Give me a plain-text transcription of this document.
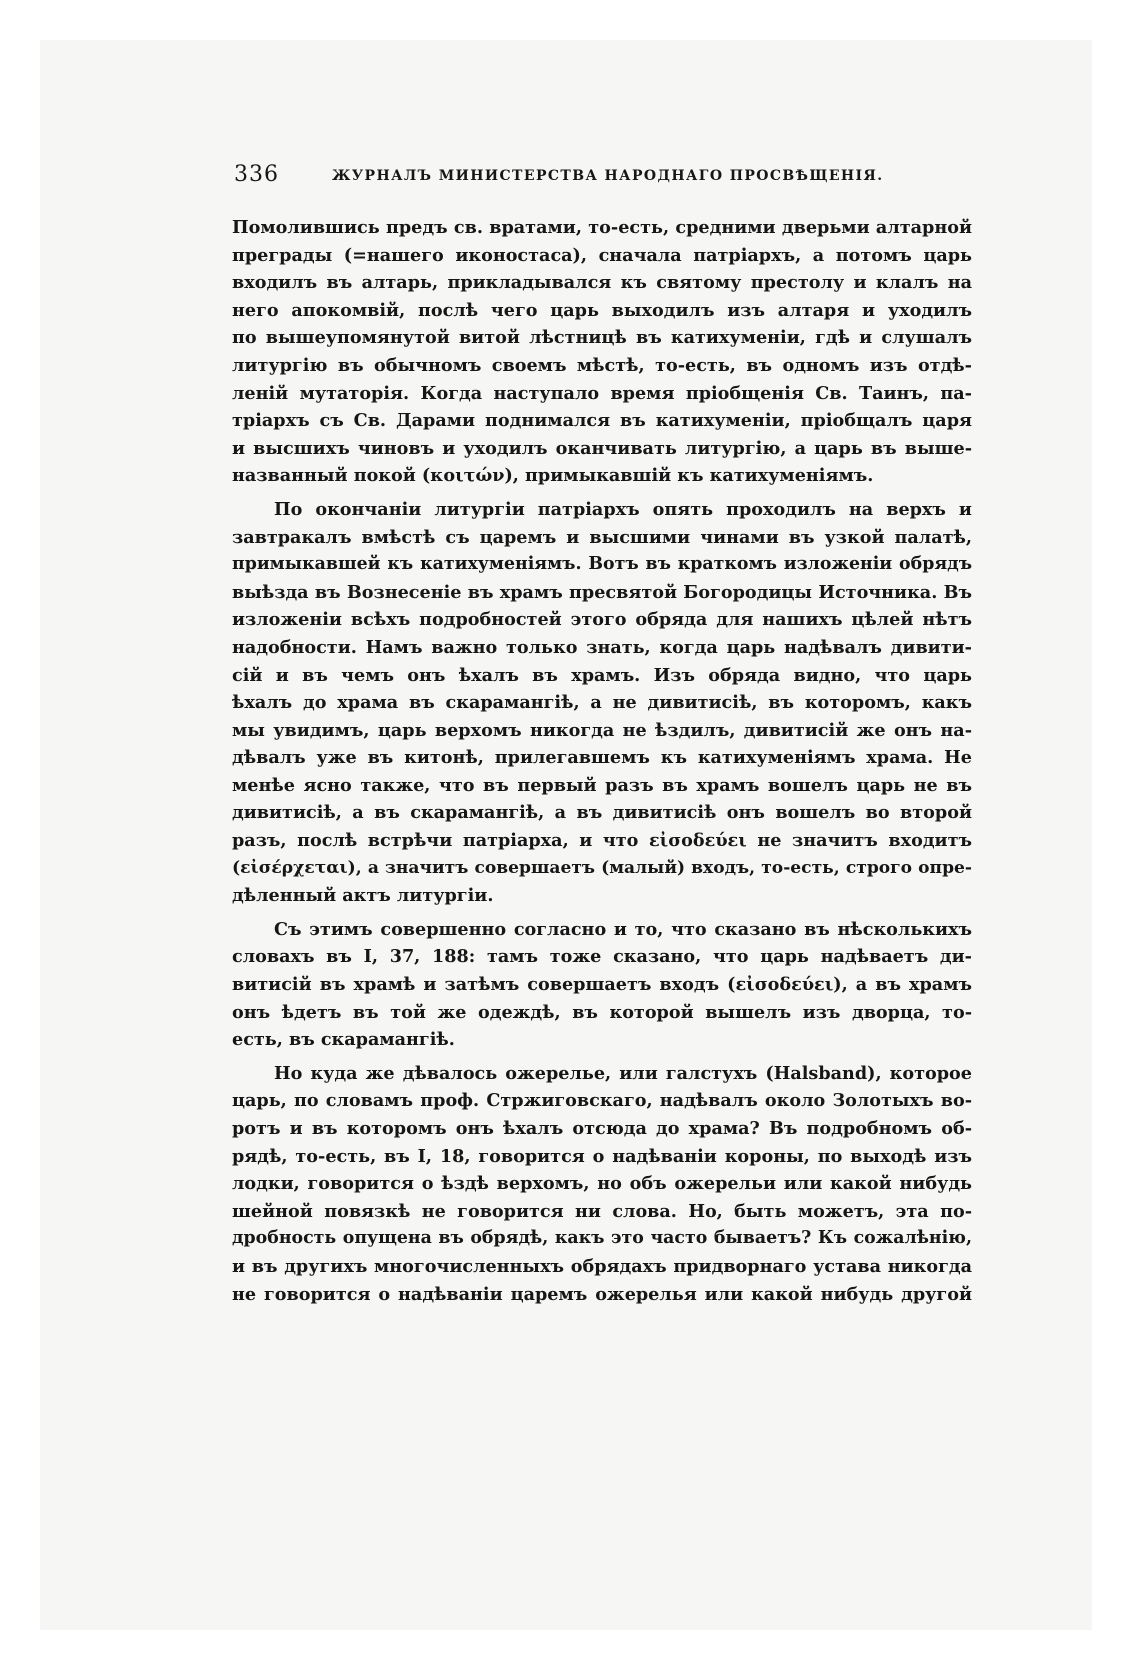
336	ЖУРНАЛЪ МИНИСТЕРСТВА НАРОДНАГО ПРОСВѢЩЕНІЯ.
Помолившись предъ св. вратами, то-есть, средними дверьми алтарной
преграды (=нашего иконостаса), сначала патріархъ, а потомъ царь
входилъ въ алтарь, прикладывался къ святому престолу и клалъ на
него апокомвій, послѣ чего царь выходилъ изъ алтаря и уходилъ
по вышеупомянутой витой лѣстницѣ въ катихуменіи, гдѣ и слушалъ
литургію въ обычномъ своемъ мѣстѣ, то-есть, въ одномъ изъ отдѣ-
леній мутаторія. Когда наступало время пріобщенія Св. Таинъ, па-
тріархъ съ Св. Дарами поднимался въ катихуменіи, пріобщалъ царя
и высшихъ чиновъ и уходилъ оканчивать литургію, а царь въ выше-
названный покой (κοιτών), примыкавшій къ катихуменіямъ.
По окончаніи литургіи патріархъ опять проходилъ на верхъ и
завтракалъ вмѣстѣ съ царемъ и высшими чинами въ узкой палатѣ,
примыкавшей къ катихуменіямъ. Вотъ въ краткомъ изложеніи обрядъ
выѣзда въ Вознесеніе въ храмъ пресвятой Богородицы Источника. Въ
изложеніи всѣхъ подробностей этого обряда для нашихъ цѣлей нѣтъ
надобности. Намъ важно только знать, когда царь надѣвалъ дивити-
сій и въ чемъ онъ ѣхалъ въ храмъ. Изъ обряда видно, что царь
ѣхалъ до храма въ скарамангіѣ, а не дивитисіѣ, въ которомъ, какъ
мы увидимъ, царь верхомъ никогда не ѣздилъ, дивитисій же онъ на-
дѣвалъ уже въ китонѣ, прилегавшемъ къ катихуменіямъ храма. Не
менѣе ясно также, что въ первый разъ въ храмъ вошелъ царь не въ
дивитисіѣ, а въ скарамангіѣ, а въ дивитисіѣ онъ вошелъ во второй
разъ, послѣ встрѣчи патріарха, и что εἰσοδεύει не значитъ входитъ
(εἰσέρχεται), а значитъ совершаетъ (малый) входъ, то-есть, строго опре-
дѣленный актъ литургіи.
Съ этимъ совершенно согласно и то, что сказано въ нѣсколькихъ
словахъ въ I, 37, 188: тамъ тоже сказано, что царь надѣваетъ ди-
витисій въ храмѣ и затѣмъ совершаетъ входъ (εἰσοδεύει), а въ храмъ
онъ ѣдетъ въ той же одеждѣ, въ которой вышелъ изъ дворца, то-
есть, въ скарамангіѣ.
Но куда же дѣвалось ожерелье, или галстухъ (Halsband), которое
царь, по словамъ проф. Стржиговскаго, надѣвалъ около Золотыхъ во-
ротъ и въ которомъ онъ ѣхалъ отсюда до храма? Въ подробномъ об-
рядѣ, то-есть, въ I, 18, говорится о надѣваніи короны, по выходѣ изъ
лодки, говорится о ѣздѣ верхомъ, но объ ожерельи или какой нибудь
шейной повязкѣ не говорится ни слова. Но, быть можетъ, эта по-
дробность опущена въ обрядѣ, какъ это часто бываетъ? Къ сожалѣнію,
и въ другихъ многочисленныхъ обрядахъ придворнаго устава никогда
не говорится о надѣваніи царемъ ожерелья или какой нибудь другой
